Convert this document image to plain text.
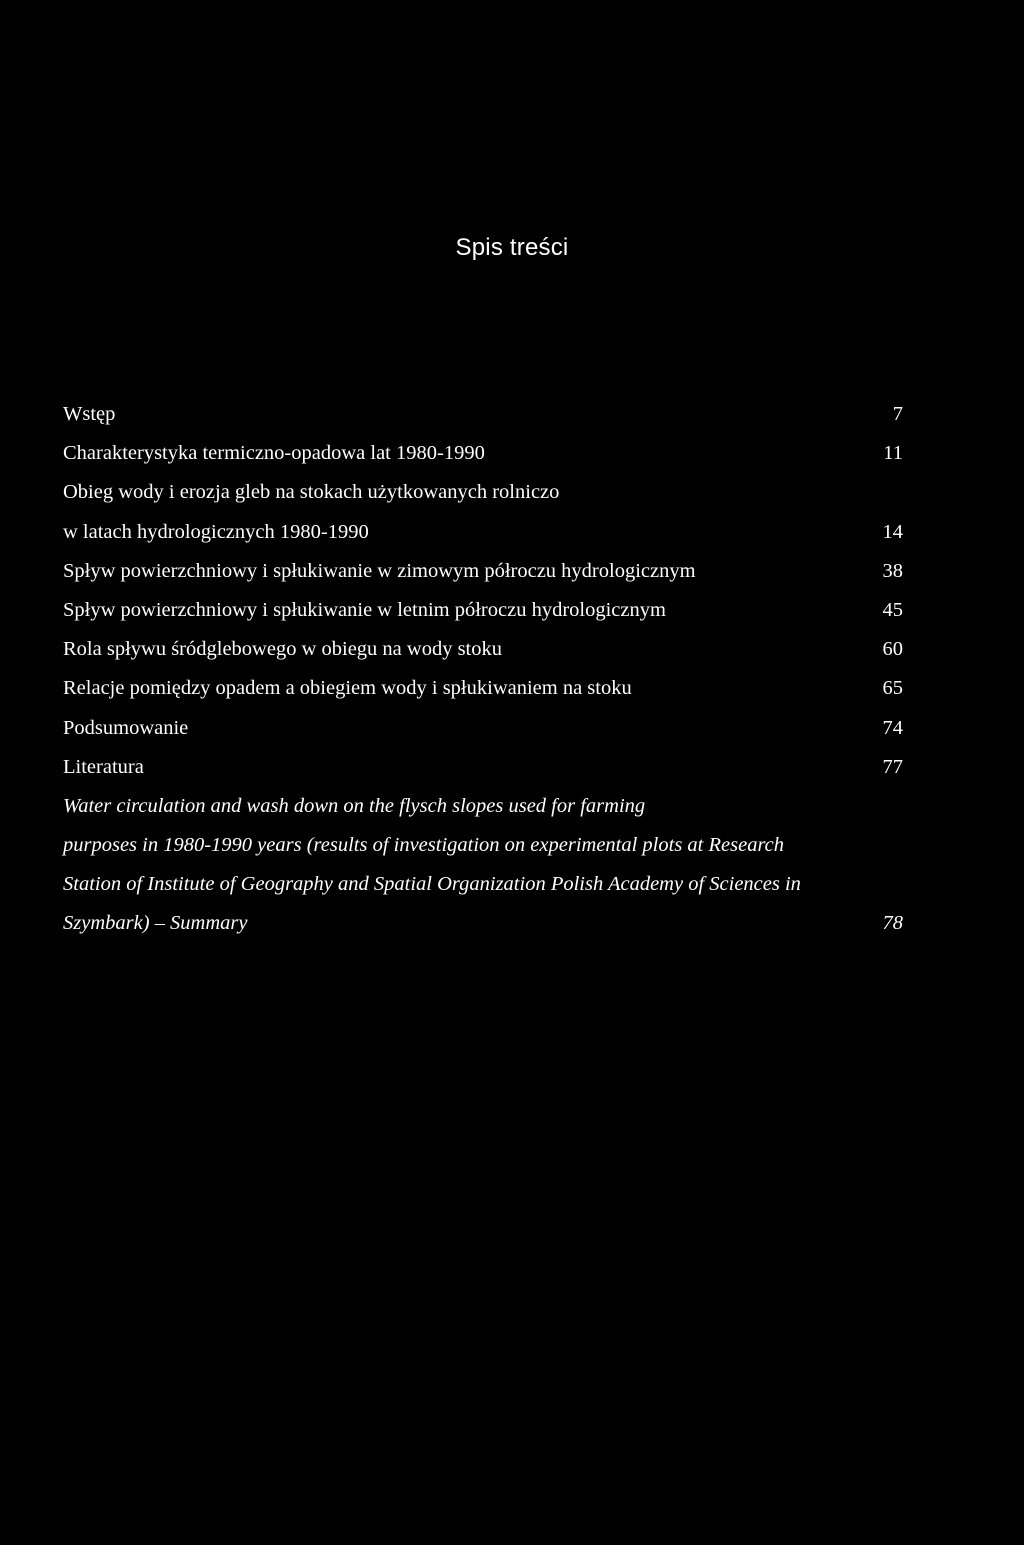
Spis treści
Wstęp	7
Charakterystyka termiczno-opadowa lat 1980-1990	11
Obieg wody i erozja gleb na stokach użytkowanych rolniczo
w latach hydrologicznych 1980-1990	14
Spływ powierzchniowy i spłukiwanie w zimowym półroczu hydrologicznym	38
Spływ powierzchniowy i spłukiwanie w letnim półroczu hydrologicznym	45
Rola spływu śródglebowego w obiegu na wody stoku	60
Relacje pomiędzy opadem a obiegiem wody i spłukiwaniem na stoku	65
Podsumowanie	74
Literatura	77
Water circulation and wash down on the flysch slopes used for farming
purposes in 1980-1990 years (results of investigation on experimental plots at Research
Station of Institute of Geography and Spatial Organization Polish Academy of Sciences in
Szymbark) – Summary	78
